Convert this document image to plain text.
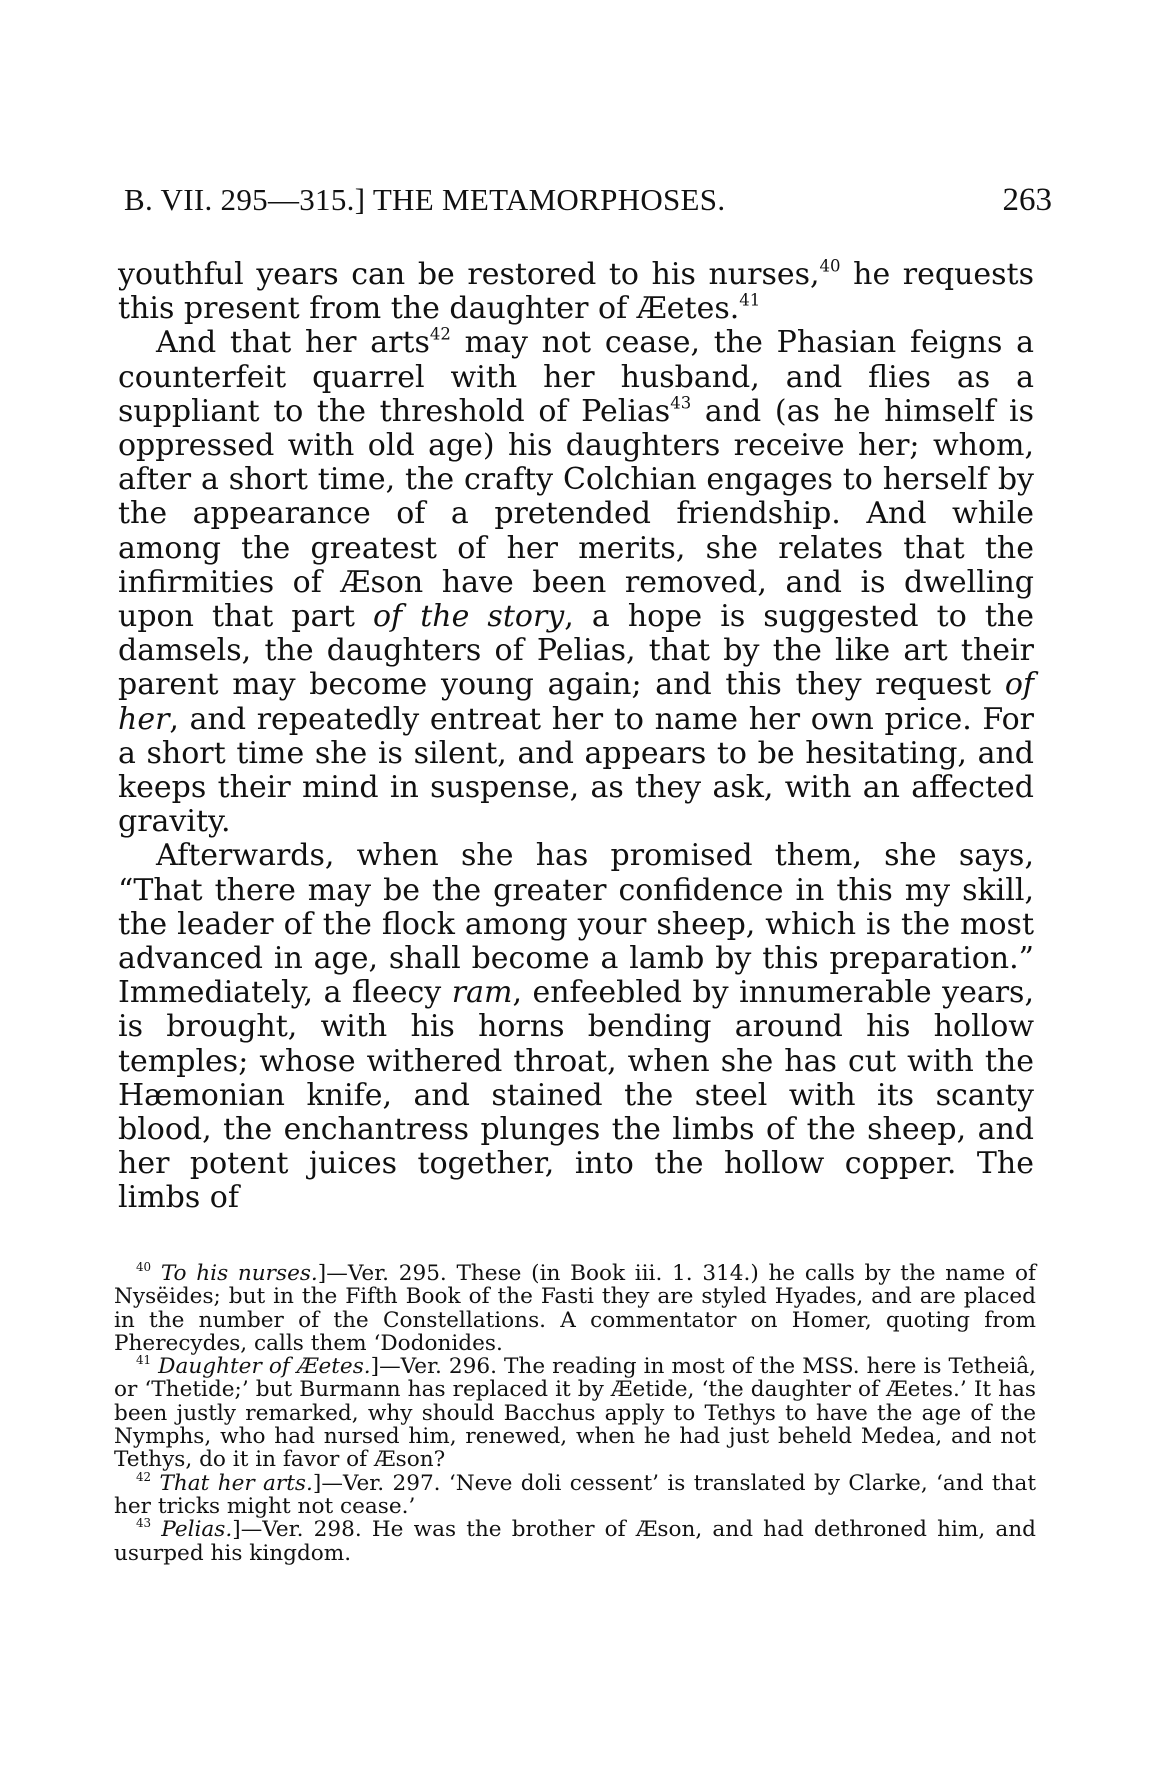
B. VII. 295—315.] THE METAMORPHOSES.	263

youthful years can be restored to his nurses,$^{40}$ he requests this present from the daughter of Æetes.$^{41}$

And that her arts$^{42}$ may not cease, the Phasian feigns a counterfeit quarrel with her husband, and flies as a suppliant to the threshold of Pelias$^{43}$ and (as he himself is oppressed with old age) his daughters receive her; whom, after a short time, the crafty Colchian engages to herself by the appearance of a pretended friendship. And while among the greatest of her merits, she relates that the infirmities of Æson have been removed, and is dwelling upon that part of the story, a hope is suggested to the damsels, the daughters of Pelias, that by the like art their parent may become young again; and this they request of her, and repeatedly entreat her to name her own price. For a short time she is silent, and appears to be hesitating, and keeps their mind in suspense, as they ask, with an affected gravity.

Afterwards, when she has promised them, she says, “That there may be the greater confidence in this my skill, the leader of the flock among your sheep, which is the most advanced in age, shall become a lamb by this preparation.” Immediately, a fleecy ram, enfeebled by innumerable years, is brought, with his horns bending around his hollow temples; whose withered throat, when she has cut with the Hæmonian knife, and stained the steel with its scanty blood, the enchantress plunges the limbs of the sheep, and her potent juices together, into the hollow copper. The limbs of

$^{40}$ To his nurses.]—Ver. 295. These (in Book iii. 1. 314.) he calls by the name of Nysëides; but in the Fifth Book of the Fasti they are styled Hyades, and are placed in the number of the Constellations. A commentator on Homer, quoting from Pherecydes, calls them ‘Dodonides.

$^{41}$ Daughter of Æetes.]—Ver. 296. The reading in most of the MSS. here is Tetheiâ, or ‘Thetide;’ but Burmann has replaced it by Æetide, ‘the daughter of Æetes.’ It has been justly remarked, why should Bacchus apply to Tethys to have the age of the Nymphs, who had nursed him, renewed, when he had just beheld Medea, and not Tethys, do it in favor of Æson?

$^{42}$ That her arts.]—Ver. 297. ‘Neve doli cessent’ is translated by Clarke, ‘and that her tricks might not cease.’

$^{43}$ Pelias.]—Ver. 298. He was the brother of Æson, and had dethroned him, and usurped his kingdom.
